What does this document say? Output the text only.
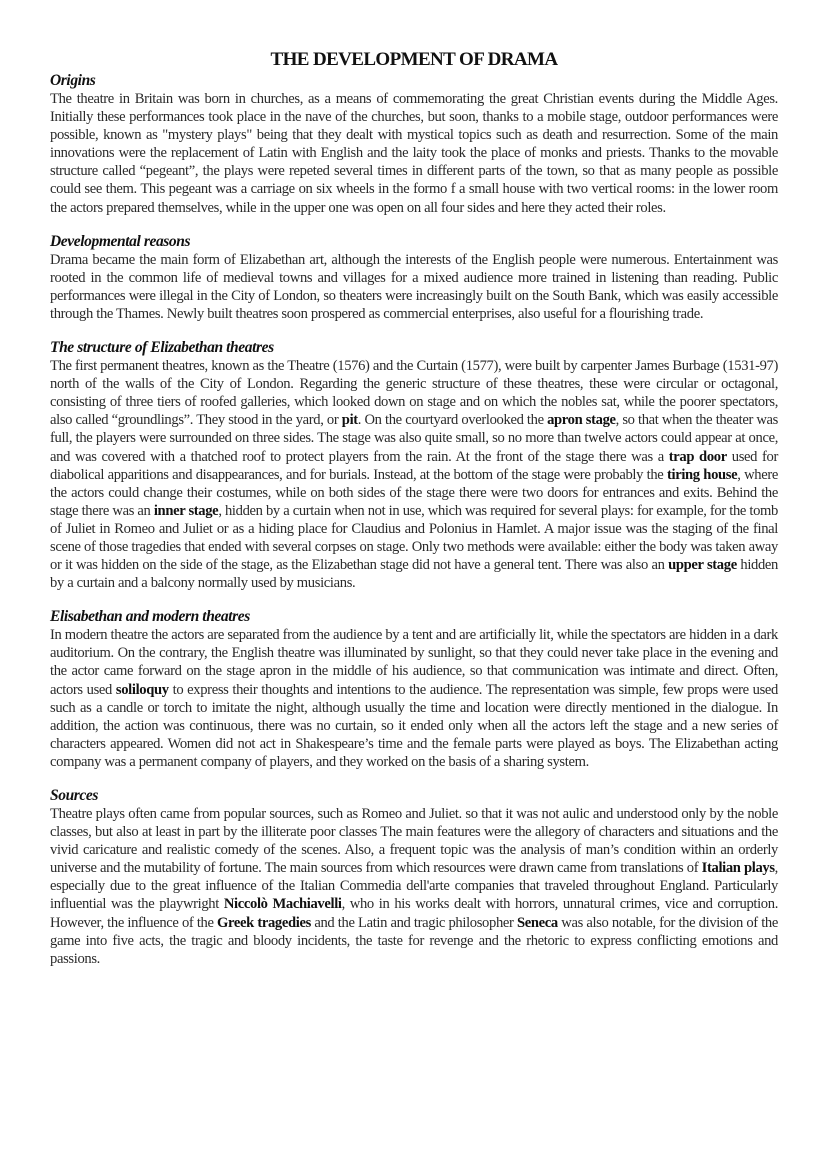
THE DEVELOPMENT OF DRAMA
Origins

The theatre in Britain was born in churches, as a means of commemorating the great Christian events during the Middle Ages. Initially these performances took place in the nave of the churches, but soon, thanks to a mobile stage, outdoor performances were possible, known as "mystery plays" being that they dealt with mystical topics such as death and resurrection. Some of the main innovations were the replacement of Latin with English and the laity took the place of monks and priests. Thanks to the movable structure called “pegeant”, the plays were repeted several times in different parts of the town, so that as many people as possible could see them. This pegeant was a carriage on six wheels in the formo f a small house with two vertical rooms: in the lower room the actors prepared themselves, while in the upper one was open on all four sides and here they acted their roles.

Developmental reasons

Drama became the main form of Elizabethan art, although the interests of the English people were numerous. Entertainment was rooted in the common life of medieval towns and villages for a mixed audience more trained in listening than reading. Public performances were illegal in the City of London, so theaters were increasingly built on the South Bank, which was easily accessible through the Thames. Newly built theatres soon prospered as commercial enterprises, also useful for a flourishing trade.

The structure of Elizabethan theatres

The first permanent theatres, known as the Theatre (1576) and the Curtain (1577), were built by carpenter James Burbage (1531-97) north of the walls of the City of London. Regarding the generic structure of these theatres, these were circular or octagonal, consisting of three tiers of roofed galleries, which looked down on stage and on which the nobles sat, while the poorer spectators, also called “groundlings”. They stood in the yard, or pit. On the courtyard overlooked the apron stage, so that when the theater was full, the players were surrounded on three sides. The stage was also quite small, so no more than twelve actors could appear at once, and was covered with a thatched roof to protect players from the rain. At the front of the stage there was a trap door used for diabolical apparitions and disappearances, and for burials. Instead, at the bottom of the stage were probably the tiring house, where the actors could change their costumes, while on both sides of the stage there were two doors for entrances and exits. Behind the stage there was an inner stage, hidden by a curtain when not in use, which was required for several plays: for example, for the tomb of Juliet in Romeo and Juliet or as a hiding place for Claudius and Polonius in Hamlet. A major issue was the staging of the final scene of those tragedies that ended with several corpses on stage. Only two methods were available: either the body was taken away or it was hidden on the side of the stage, as the Elizabethan stage did not have a general tent. There was also an upper stage hidden by a curtain and a balcony normally used by musicians.

Elisabethan and modern theatres

In modern theatre the actors are separated from the audience by a tent and are artificially lit, while the spectators are hidden in a dark auditorium. On the contrary, the English theatre was illuminated by sunlight, so that they could never take place in the evening and the actor came forward on the stage apron in the middle of his audience, so that communication was intimate and direct. Often, actors used soliloquy to express their thoughts and intentions to the audience. The representation was simple, few props were used such as a candle or torch to imitate the night, although usually the time and location were directly mentioned in the dialogue. In addition, the action was continuous, there was no curtain, so it ended only when all the actors left the stage and a new series of characters appeared. Women did not act in Shakespeare’s time and the female parts were played as boys. The Elizabethan acting company was a permanent company of players, and they worked on the basis of a sharing system.

Sources

Theatre plays often came from popular sources, such as Romeo and Juliet. so that it was not aulic and understood only by the noble classes, but also at least in part by the illiterate poor classes The main features were the allegory of characters and situations and the vivid caricature and realistic comedy of the scenes. Also, a frequent topic was the analysis of man’s condition within an orderly universe and the mutability of fortune. The main sources from which resources were drawn came from translations of Italian plays, especially due to the great influence of the Italian Commedia dell'arte companies that traveled throughout England. Particularly influential was the playwright Niccolò Machiavelli, who in his works dealt with horrors, unnatural crimes, vice and corruption. However, the influence of the Greek tragedies and the Latin and tragic philosopher Seneca was also notable, for the division of the game into five acts, the tragic and bloody incidents, the taste for revenge and the rhetoric to express conflicting emotions and passions.
